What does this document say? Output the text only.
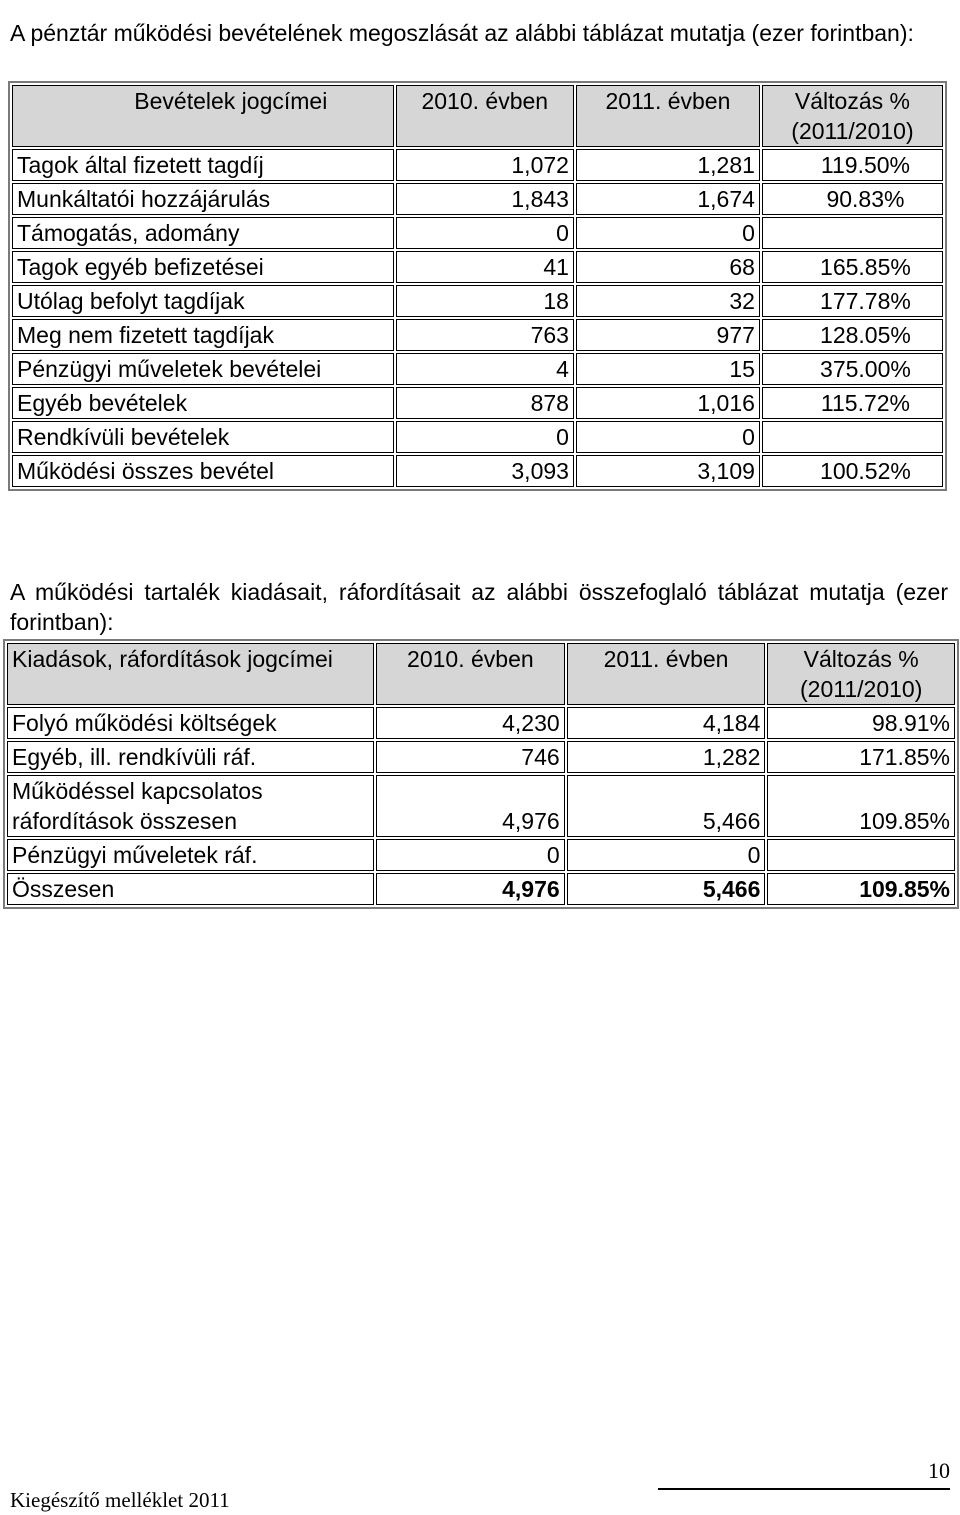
A pénztár működési bevételének megoszlását az alábbi táblázat mutatja (ezer forintban):

Bevételek jogcímei	2010. évben	2011. évben	Változás % (2011/2010)
Tagok által fizetett tagdíj	1,072	1,281	119.50%
Munkáltatói hozzájárulás	1,843	1,674	90.83%
Támogatás, adomány	0	0	
Tagok egyéb befizetései	41	68	165.85%
Utólag befolyt tagdíjak	18	32	177.78%
Meg nem fizetett tagdíjak	763	977	128.05%
Pénzügyi műveletek bevételei	4	15	375.00%
Egyéb bevételek	878	1,016	115.72%
Rendkívüli bevételek	0	0	
Működési összes bevétel	3,093	3,109	100.52%

A működési tartalék kiadásait, ráfordításait az alábbi összefoglaló táblázat mutatja (ezer forintban):

Kiadások, ráfordítások jogcímei	2010. évben	2011. évben	Változás % (2011/2010)
Folyó működési költségek	4,230	4,184	98.91%
Egyéb, ill. rendkívüli ráf.	746	1,282	171.85%
Működéssel kapcsolatos ráfordítások összesen	4,976	5,466	109.85%
Pénzügyi műveletek ráf.	0	0	
Összesen	4,976	5,466	109.85%
10
Kiegészítő melléklet 2011
